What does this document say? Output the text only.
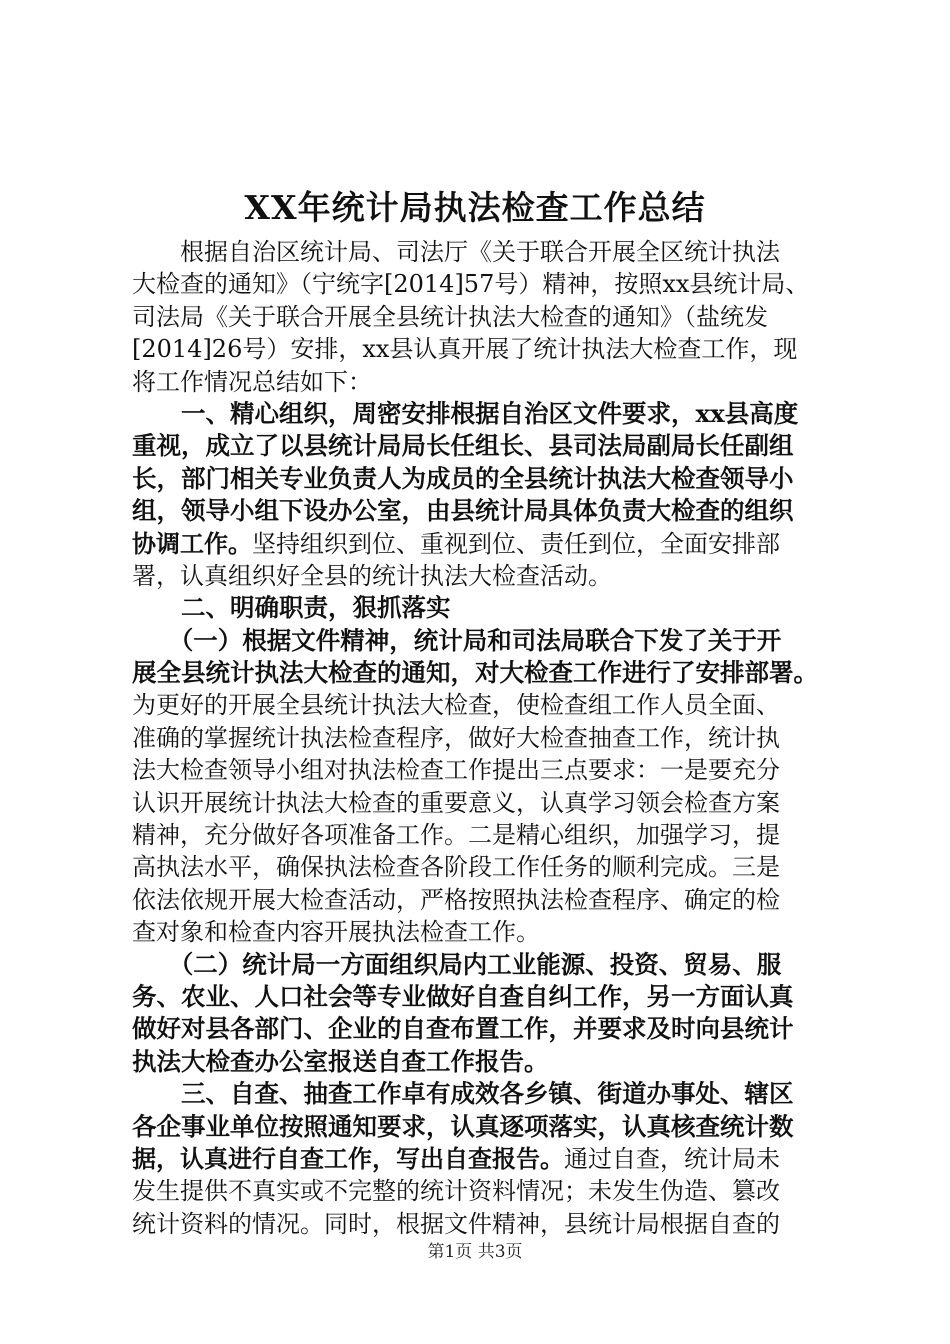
XX年统计局执法检查工作总结
　　根据自治区统计局、司法厅《关于联合开展全区统计执法
大检查的通知》（宁统字[2014]57号）精神，按照xx县统计局、
司法局《关于联合开展全县统计执法大检查的通知》（盐统发
[2014]26号）安排，xx县认真开展了统计执法大检查工作，现
将工作情况总结如下：
　　一、精心组织，周密安排根据自治区文件要求，xx县高度
重视，成立了以县统计局局长任组长、县司法局副局长任副组
长，部门相关专业负责人为成员的全县统计执法大检查领导小
组，领导小组下设办公室，由县统计局具体负责大检查的组织
协调工作。坚持组织到位、重视到位、责任到位，全面安排部
署，认真组织好全县的统计执法大检查活动。
　　二、明确职责，狠抓落实
　　（一）根据文件精神，统计局和司法局联合下发了关于开
展全县统计执法大检查的通知，对大检查工作进行了安排部署。
为更好的开展全县统计执法大检查，使检查组工作人员全面、
准确的掌握统计执法检查程序，做好大检查抽查工作，统计执
法大检查领导小组对执法检查工作提出三点要求：一是要充分
认识开展统计执法大检查的重要意义，认真学习领会检查方案
精神，充分做好各项准备工作。二是精心组织，加强学习，提
高执法水平，确保执法检查各阶段工作任务的顺利完成。三是
依法依规开展大检查活动，严格按照执法检查程序、确定的检
查对象和检查内容开展执法检查工作。
　　（二）统计局一方面组织局内工业能源、投资、贸易、服
务、农业、人口社会等专业做好自查自纠工作，另一方面认真
做好对县各部门、企业的自查布置工作，并要求及时向县统计
执法大检查办公室报送自查工作报告。
　　三、自查、抽查工作卓有成效各乡镇、街道办事处、辖区
各企事业单位按照通知要求，认真逐项落实，认真核查统计数
据，认真进行自查工作，写出自查报告。通过自查，统计局未
发生提供不真实或不完整的统计资料情况；未发生伪造、篡改
统计资料的情况。同时，根据文件精神，县统计局根据自查的
第1页 共3页
